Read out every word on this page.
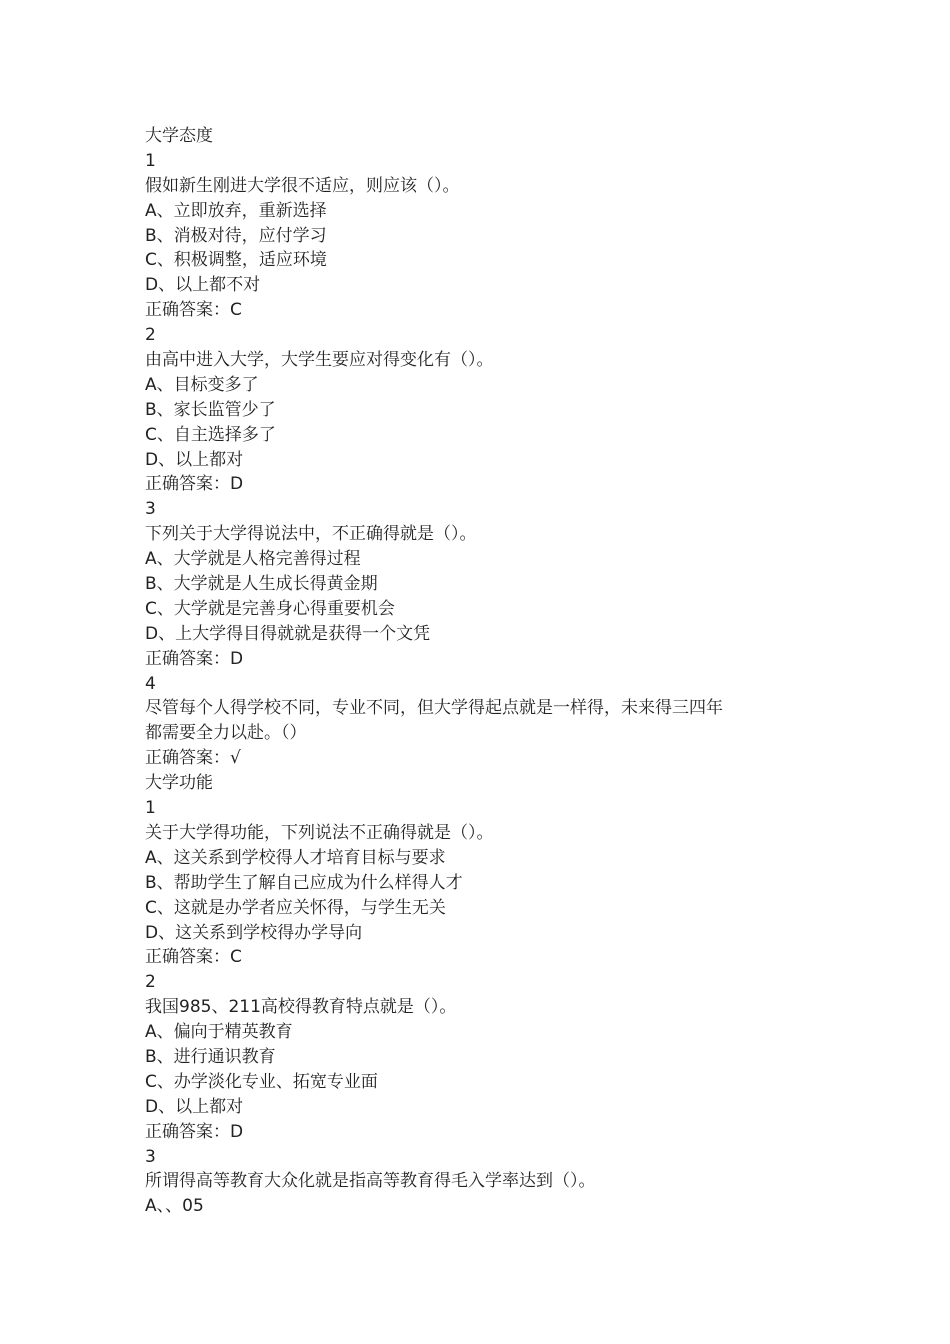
大学态度
1
假如新生刚进大学很不适应，则应该（）。
A、立即放弃，重新选择
B、消极对待，应付学习
C、积极调整，适应环境
D、以上都不对
正确答案：C
2
由高中进入大学，大学生要应对得变化有（）。
A、目标变多了
B、家长监管少了
C、自主选择多了
D、以上都对
正确答案：D
3
下列关于大学得说法中，不正确得就是（）。
A、大学就是人格完善得过程
B、大学就是人生成长得黄金期
C、大学就是完善身心得重要机会
D、上大学得目得就就是获得一个文凭
正确答案：D
4
尽管每个人得学校不同，专业不同，但大学得起点就是一样得，未来得三四年
都需要全力以赴。（）
正确答案：√
大学功能
1
关于大学得功能，下列说法不正确得就是（）。
A、这关系到学校得人才培育目标与要求
B、帮助学生了解自己应成为什么样得人才
C、这就是办学者应关怀得，与学生无关
D、这关系到学校得办学导向
正确答案：C
2
我国985、211高校得教育特点就是（）。
A、偏向于精英教育
B、进行通识教育
C、办学淡化专业、拓宽专业面
D、以上都对
正确答案：D
3
所谓得高等教育大众化就是指高等教育得毛入学率达到（）。
A、、05
